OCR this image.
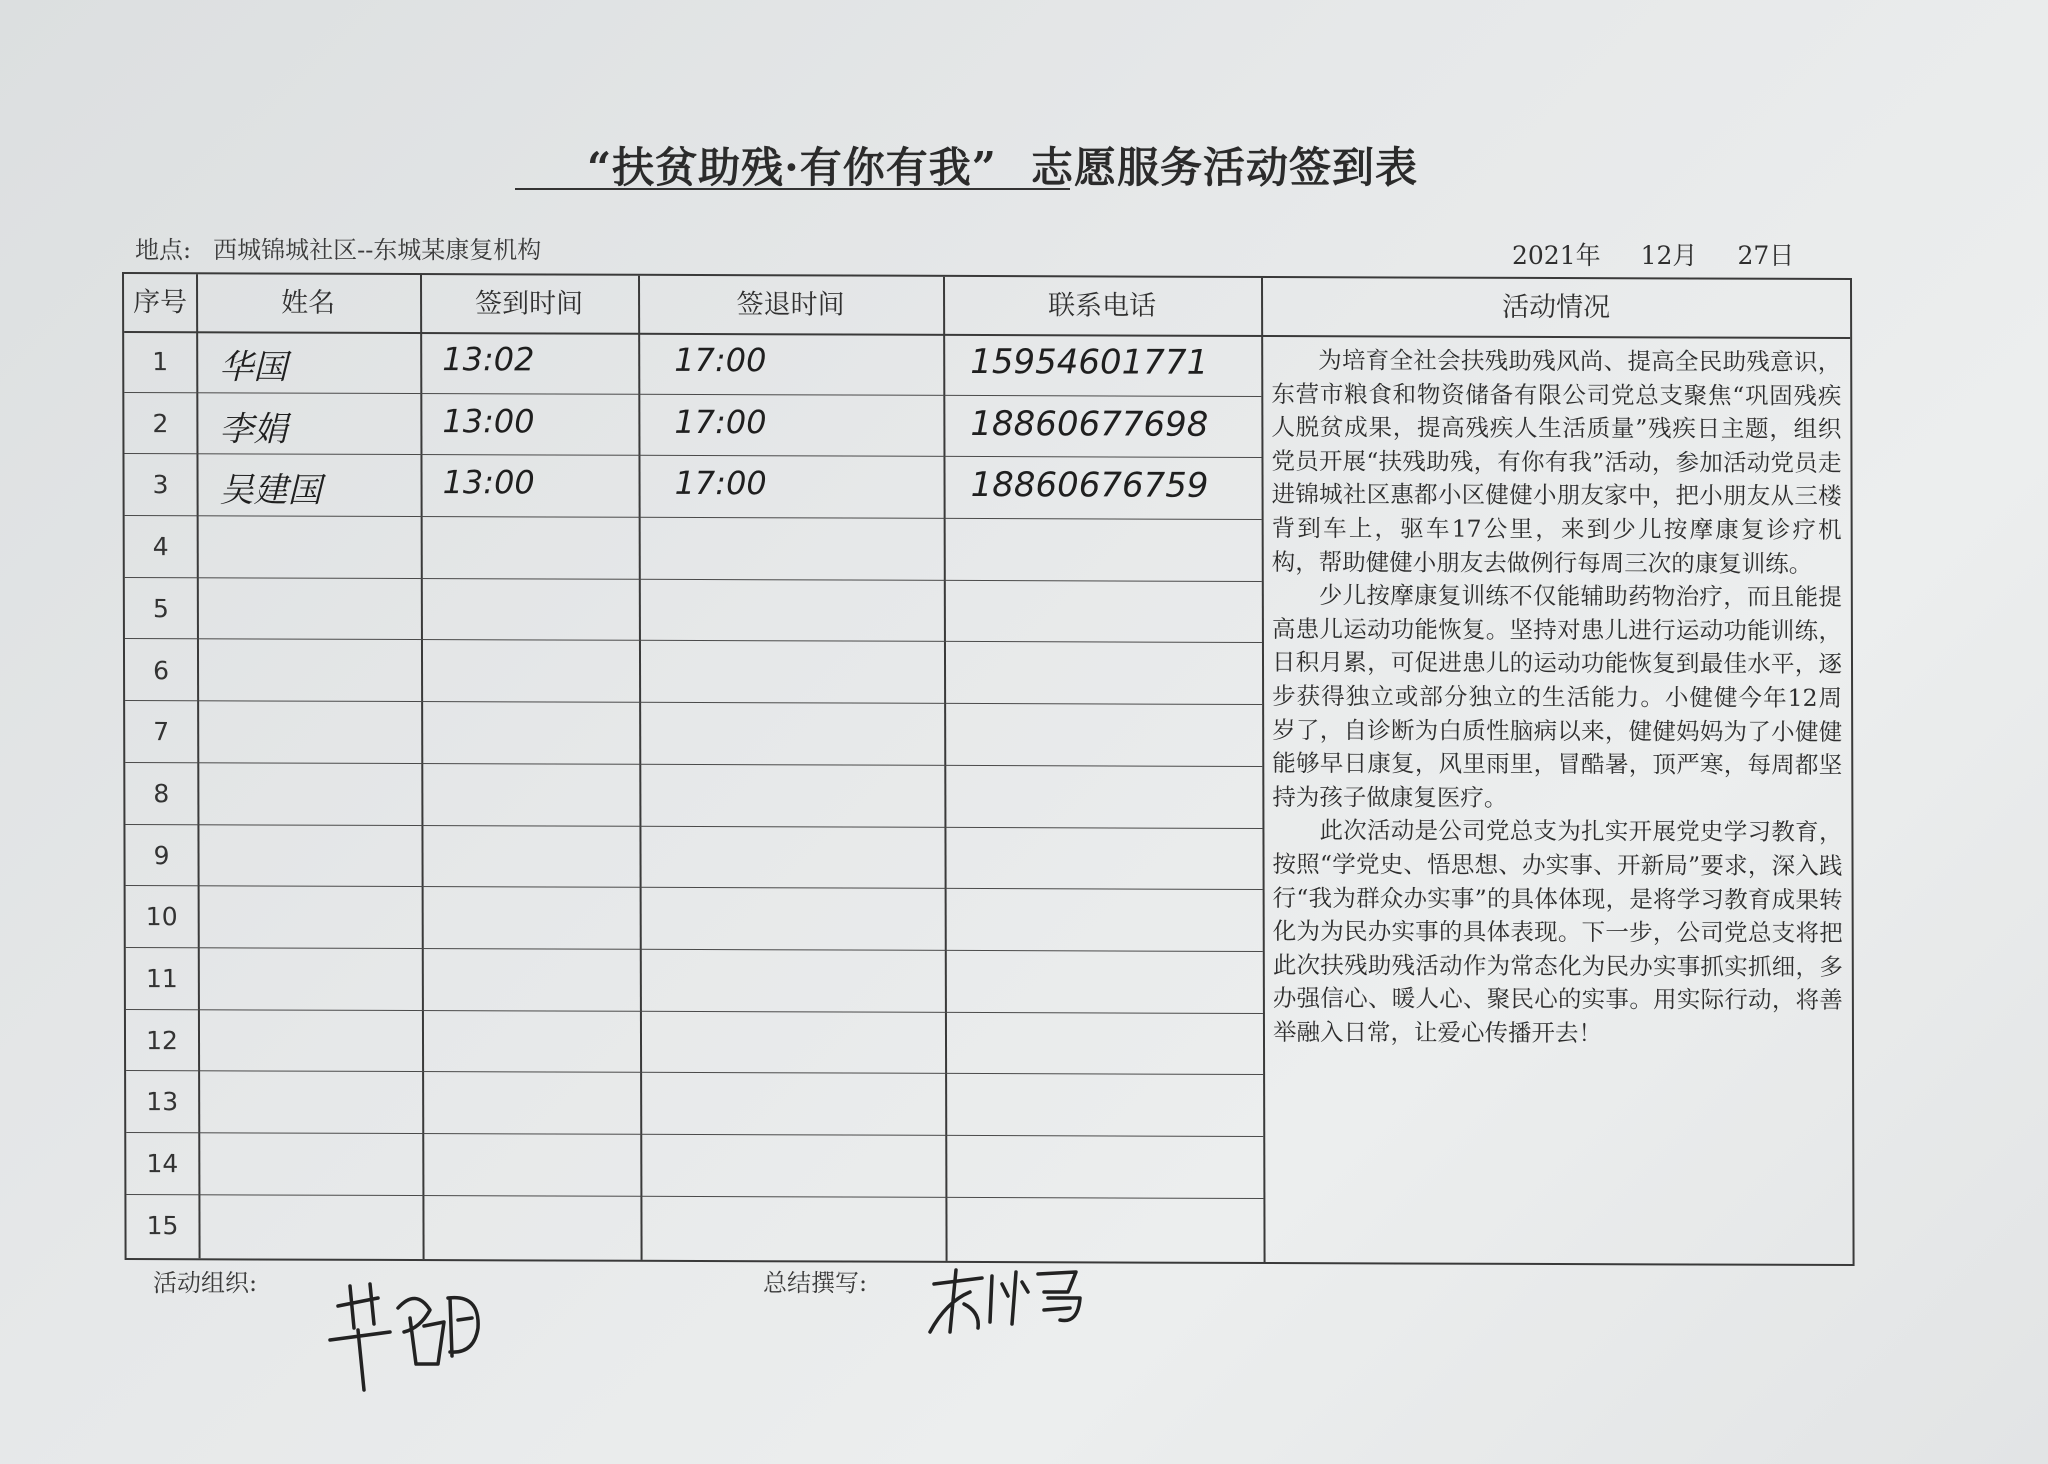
“扶贫助残·有你有我” 志愿服务活动签到表
地点: 西城锦城社区--东城某康复机构	2021年 12月 27日
序号	姓名	签到时间	签退时间	联系电话	活动情况
1	华国	13:02	17:00	15954601771
2	李娟	13:00	17:00	18860677698
3	吴建国	13:00	17:00	18860676759
4
5
6
7
8
9
10
11
12
13
14
15

为培育全社会扶残助残风尚、提高全民助残意识，东营市粮食和物资储备有限公司党总支聚焦“巩固残疾人脱贫成果，提高残疾人生活质量”残疾日主题，组织党员开展“扶残助残，有你有我”活动，参加活动党员走进锦城社区惠都小区健健小朋友家中，把小朋友从三楼背到车上，驱车17公里，来到少儿按摩康复诊疗机构，帮助健健小朋友去做例行每周三次的康复训练。

少儿按摩康复训练不仅能辅助药物治疗，而且能提高患儿运动功能恢复。坚持对患儿进行运动功能训练，日积月累，可促进患儿的运动功能恢复到最佳水平，逐步获得独立或部分独立的生活能力。小健健今年12周岁了，自诊断为白质性脑病以来，健健妈妈为了小健健能够早日康复，风里雨里，冒酷暑，顶严寒，每周都坚持为孩子做康复医疗。

此次活动是公司党总支为扎实开展党史学习教育，按照“学党史、悟思想、办实事、开新局”要求，深入践行“我为群众办实事”的具体体现，是将学习教育成果转化为为民办实事的具体表现。下一步，公司党总支将把此次扶残助残活动作为常态化为民办实事抓实抓细，多办强信心、暖人心、聚民心的实事。用实际行动，将善举融入日常，让爱心传播开去！

活动组织:	总结撰写:
